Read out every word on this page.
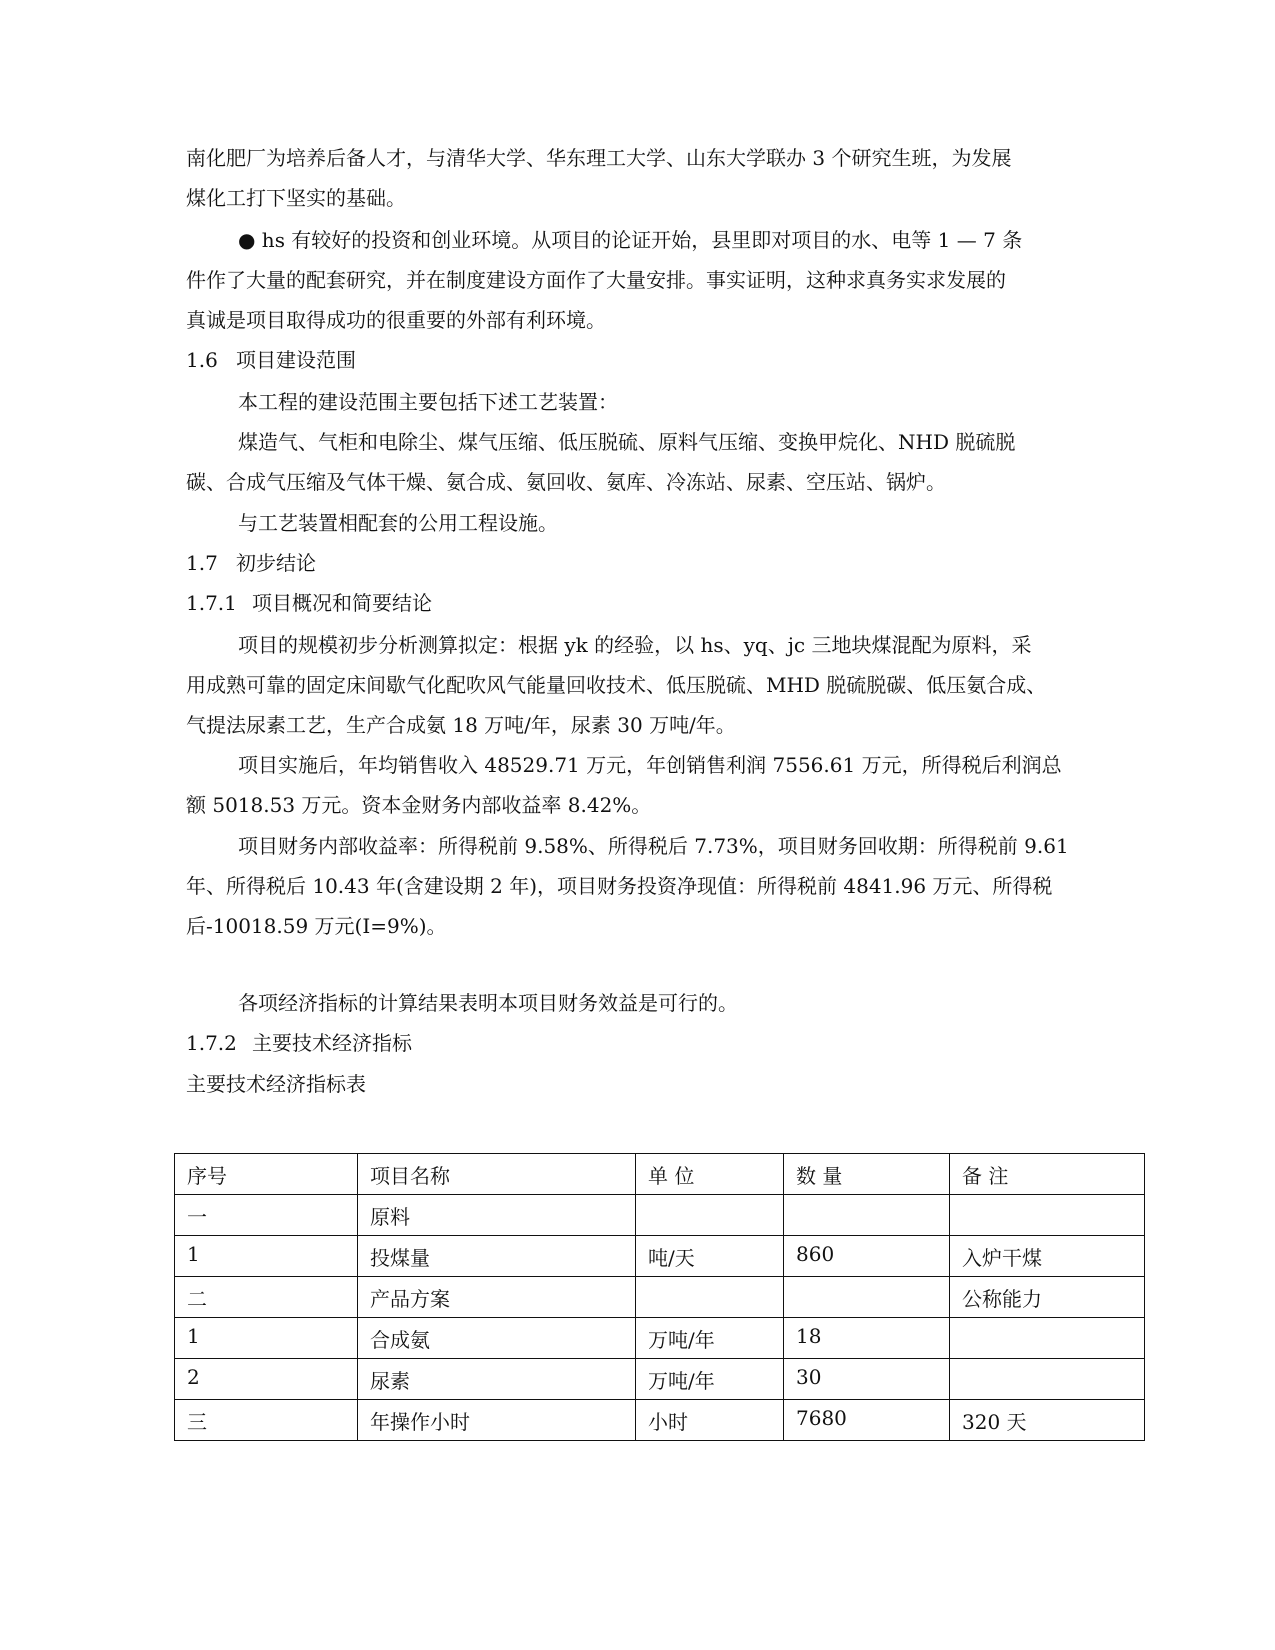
南化肥厂为培养后备人才，与清华大学、华东理工大学、山东大学联办 3 个研究生班，为发展
煤化工打下坚实的基础。
● hs 有较好的投资和创业环境。从项目的论证开始，县里即对项目的水、电等 1 — 7 条
件作了大量的配套研究，并在制度建设方面作了大量安排。事实证明，这种求真务实求发展的
真诚是项目取得成功的很重要的外部有利环境。
1.6 项目建设范围
本工程的建设范围主要包括下述工艺装置：
煤造气、气柜和电除尘、煤气压缩、低压脱硫、原料气压缩、变换甲烷化、NHD 脱硫脱
碳、合成气压缩及气体干燥、氨合成、氨回收、氨库、冷冻站、尿素、空压站、锅炉。
与工艺装置相配套的公用工程设施。
1.7 初步结论
1.7.1 项目概况和简要结论
项目的规模初步分析测算拟定：根据 yk 的经验，以 hs、yq、jc 三地块煤混配为原料，采
用成熟可靠的固定床间歇气化配吹风气能量回收技术、低压脱硫、MHD 脱硫脱碳、低压氨合成、
气提法尿素工艺，生产合成氨 18 万吨/年，尿素 30 万吨/年。
项目实施后，年均销售收入 48529.71 万元，年创销售利润 7556.61 万元，所得税后利润总
额 5018.53 万元。资本金财务内部收益率 8.42%。
项目财务内部收益率：所得税前 9.58%、所得税后 7.73%，项目财务回收期：所得税前 9.61
年、所得税后 10.43 年(含建设期 2 年)，项目财务投资净现值：所得税前 4841.96 万元、所得税
后-10018.59 万元(I=9%)。
各项经济指标的计算结果表明本项目财务效益是可行的。
1.7.2 主要技术经济指标
主要技术经济指标表
序号	项目名称	单 位	数 量	备 注
一	原料			
1	投煤量	吨/天	860	入炉干煤
二	产品方案			公称能力
1	合成氨	万吨/年	18	
2	尿素	万吨/年	30	
三	年操作小时	小时	7680	320 天
